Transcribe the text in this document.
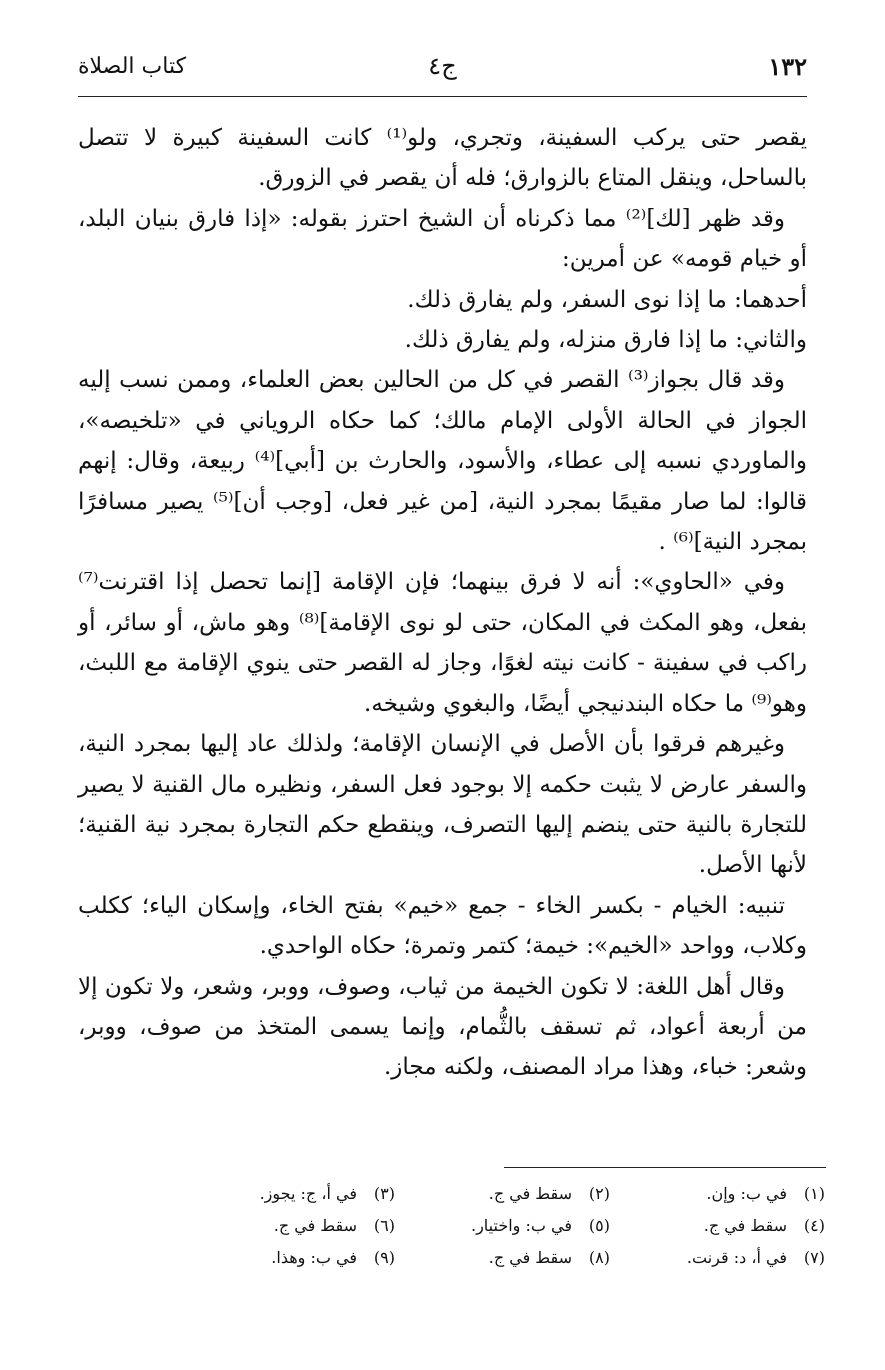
١٣٢
ج٤
كتاب الصلاة

يقصر حتى يركب السفينة، وتجري، ولو⁽¹⁾ كانت السفينة كبيرة لا تتصل بالساحل، وينقل المتاع بالزوارق؛ فله أن يقصر في الزورق.

وقد ظهر [لك]⁽²⁾ مما ذكرناه أن الشيخ احترز بقوله: «إذا فارق بنيان البلد، أو خيام قومه» عن أمرين:

أحدهما: ما إذا نوى السفر، ولم يفارق ذلك.

والثاني: ما إذا فارق منزله، ولم يفارق ذلك.

وقد قال بجواز⁽³⁾ القصر في كل من الحالين بعض العلماء، وممن نسب إليه الجواز في الحالة الأولى الإمام مالك؛ كما حكاه الروياني في «تلخيصه»، والماوردي نسبه إلى عطاء، والأسود، والحارث بن [أبي]⁽⁴⁾ ربيعة، وقال: إنهم قالوا: لما صار مقيمًا بمجرد النية، [من غير فعل، [وجب أن]⁽⁵⁾ يصير مسافرًا بمجرد النية]⁽⁶⁾ .

وفي «الحاوي»: أنه لا فرق بينهما؛ فإن الإقامة [إنما تحصل إذا اقترنت⁽⁷⁾ بفعل، وهو المكث في المكان، حتى لو نوى الإقامة]⁽⁸⁾ وهو ماش، أو سائر، أو راكب في سفينة - كانت نيته لغوًا، وجاز له القصر حتى ينوي الإقامة مع اللبث، وهو⁽⁹⁾ ما حكاه البندنيجي أيضًا، والبغوي وشيخه.

وغيرهم فرقوا بأن الأصل في الإنسان الإقامة؛ ولذلك عاد إليها بمجرد النية، والسفر عارض لا يثبت حكمه إلا بوجود فعل السفر، ونظيره مال القنية لا يصير للتجارة بالنية حتى ينضم إليها التصرف، وينقطع حكم التجارة بمجرد نية القنية؛ لأنها الأصل.

تنبيه: الخيام - بكسر الخاء - جمع «خيم» بفتح الخاء، وإسكان الياء؛ ككلب وكلاب، وواحد «الخيم»: خيمة؛ كتمر وتمرة؛ حكاه الواحدي.

وقال أهل اللغة: لا تكون الخيمة من ثياب، وصوف، ووبر، وشعر، ولا تكون إلا من أربعة أعواد، ثم تسقف بالثُّمام، وإنما يسمى المتخذ من صوف، ووبر، وشعر: خباء، وهذا مراد المصنف، ولكنه مجاز.

(١)في ب: وإن.
(٢)سقط في ج.
(٣)في أ، ج: يجوز.
(٤)سقط في ج.
(٥)في ب: واختيار.
(٦)سقط في ج.
(٧)في أ، د: قرنت.
(٨)سقط في ج.
(٩)في ب: وهذا.
